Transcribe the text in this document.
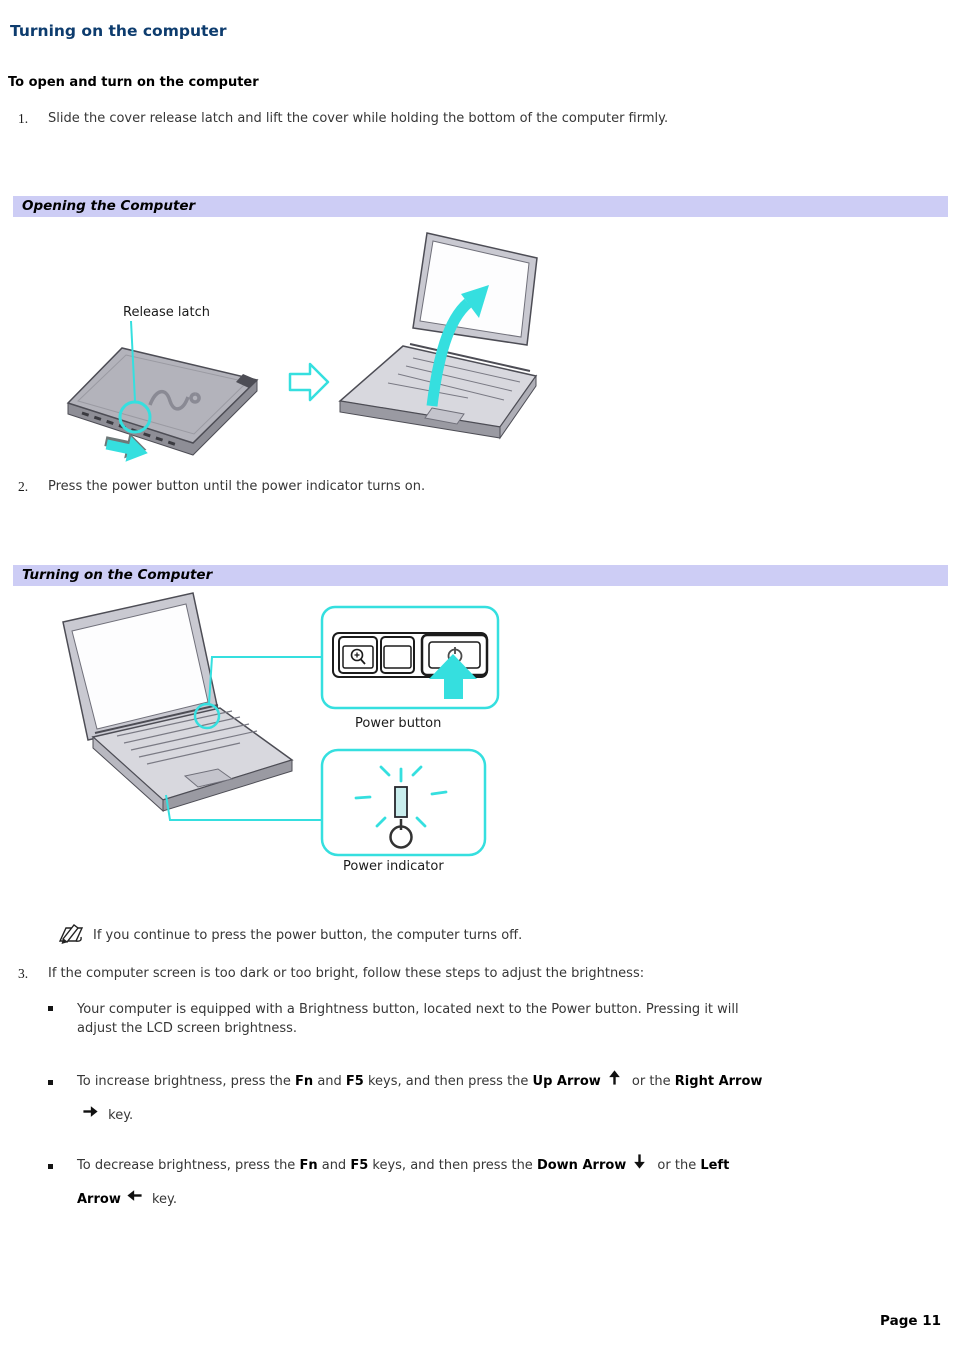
Turning on the computer
To open and turn on the computer
1. Slide the cover release latch and lift the cover while holding the bottom of the computer firmly.
Opening the Computer
Release latch
2. Press the power button until the power indicator turns on.
Turning on the Computer
Power button
Power indicator
If you continue to press the power button, the computer turns off.
3. If the computer screen is too dark or too bright, follow these steps to adjust the brightness:
Your computer is equipped with a Brightness button, located next to the Power button. Pressing it will
adjust the LCD screen brightness.
To increase brightness, press the Fn and F5 keys, and then press the Up Arrow or the Right Arrow
key.
To decrease brightness, press the Fn and F5 keys, and then press the Down Arrow or the Left
Arrow key.
Page 11
